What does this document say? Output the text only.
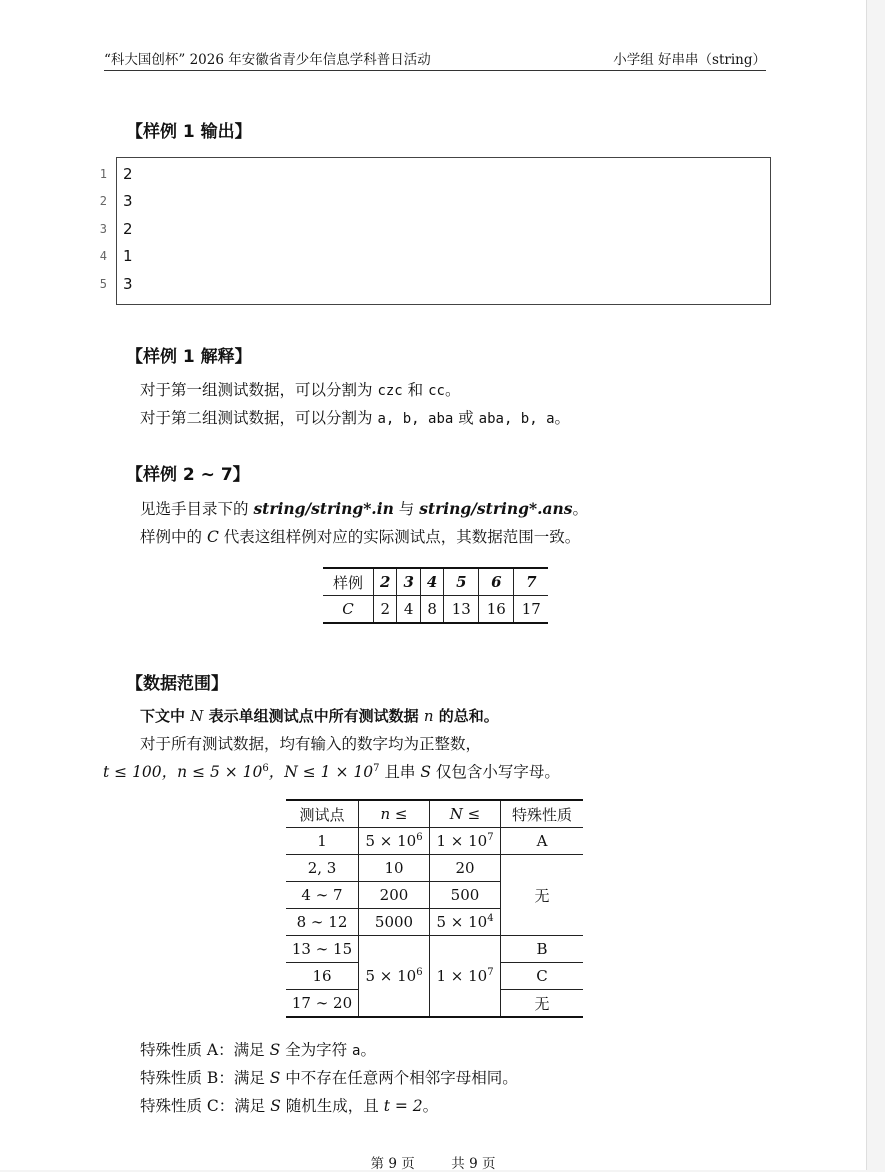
“科大国创杯” 2026 年安徽省青少年信息学科普日活动	小学组 好串串（string）
【样例 1 输出】
1 2
2 3
3 2
4 1
5 3
【样例 1 解释】
对于第一组测试数据，可以分割为 czc 和 cc。
对于第二组测试数据，可以分割为 a, b, aba 或 aba, b, a。
【样例 2 ∼ 7】
见选手目录下的 string/string*.in 与 string/string*.ans。
样例中的 C 代表这组样例对应的实际测试点，其数据范围一致。
样例	2	3	4	5	6	7
C	2	4	8	13	16	17
【数据范围】
下文中 N 表示单组测试点中所有测试数据 n 的总和。
对于所有测试数据，均有输入的数字均为正整数，
t ≤ 100，$n \le 5 \times 10^6$，$N \le 1 \times 10^7$ 且串 S 仅包含小写字母。
测试点	n ≤	N ≤	特殊性质
1	$5 \times 10^6$	$1 \times 10^7$	A
2, 3	10	20	无
4 ∼ 7	200	500	
8 ∼ 12	5000	$5 \times 10^4$
13 ∼ 15	$5 \times 10^6$	$1 \times 10^7$	B
16			C
17 ∼ 20			无
特殊性质 A：满足 S 全为字符 a。
特殊性质 B：满足 S 中不存在任意两个相邻字母相同。
特殊性质 C：满足 S 随机生成，且 t = 2。
第 9 页	共 9 页
